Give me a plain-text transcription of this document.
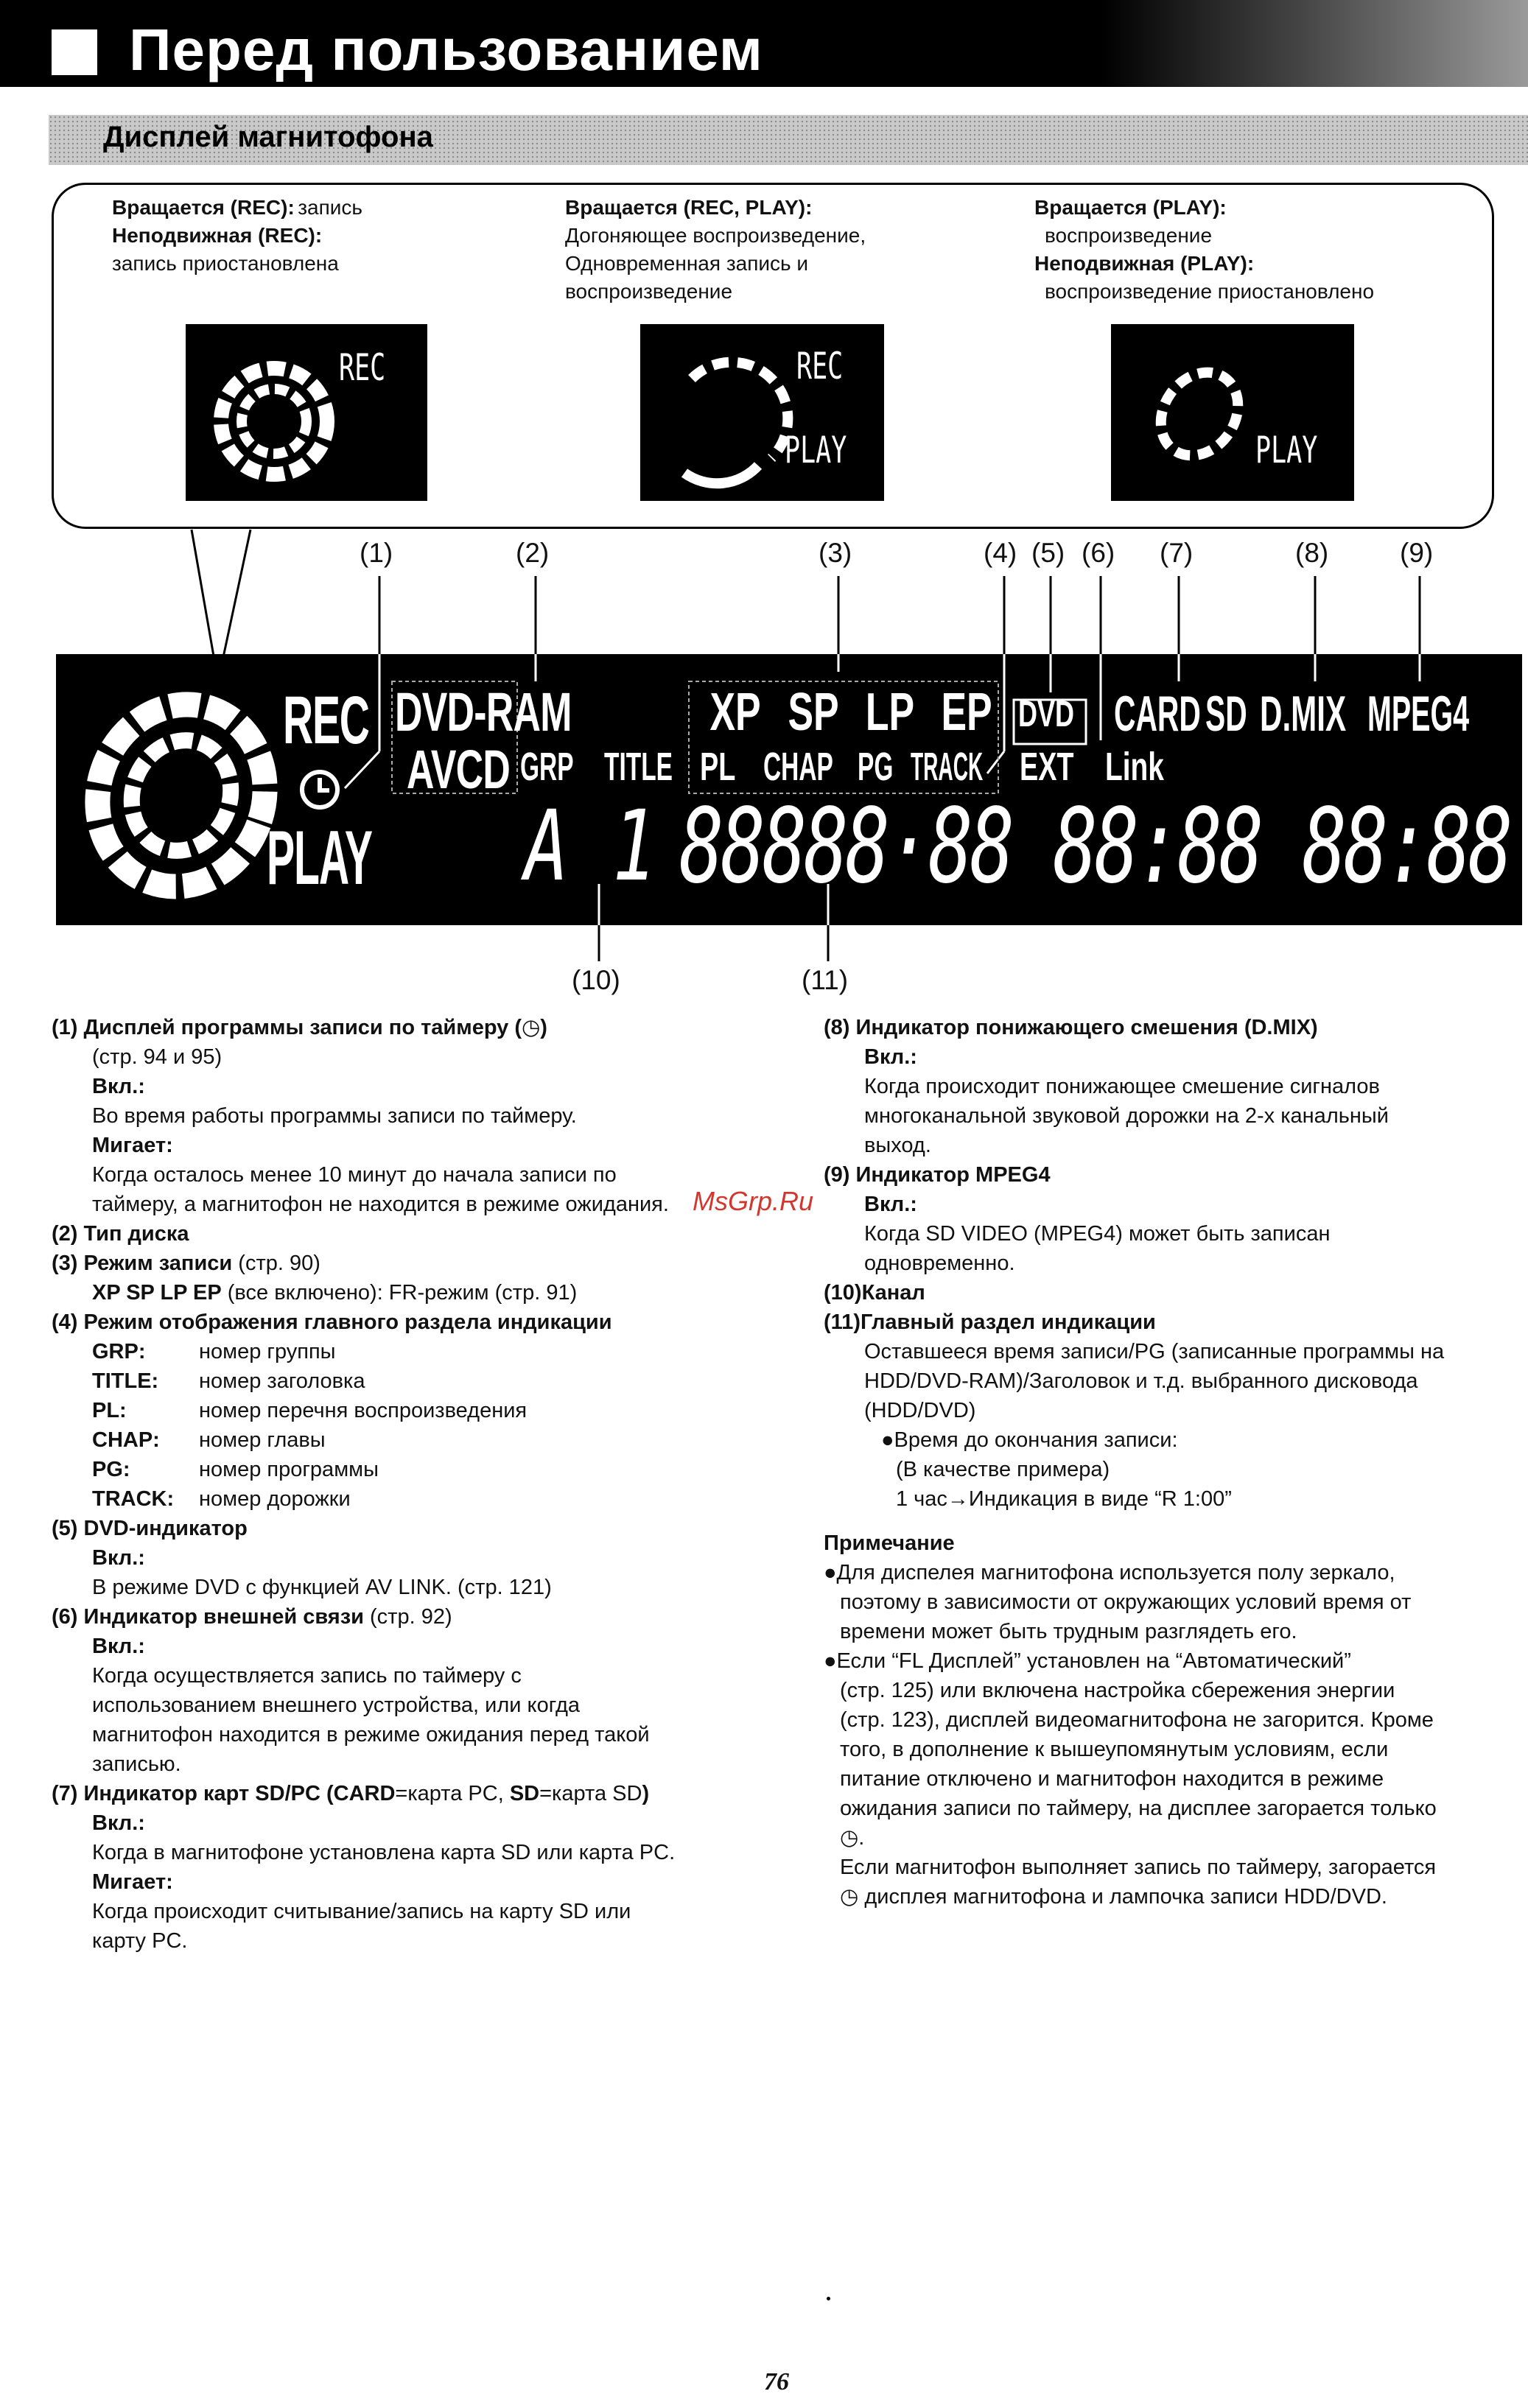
Перед пользованием
Дисплей магнитофона
Вращается (REC): запись
Неподвижная (REC):
запись приостановлена
Вращается (REC, PLAY):
Догоняющее воспроизведение,
Одновременная запись и
воспроизведение
Вращается (PLAY):
воспроизведение
Неподвижная (PLAY):
воспроизведение приостановлено
REC	REC
PLAY	PLAY
(1)	(2)	(3)	(4) (5) (6) (7)	(8)	(9)
REC
PLAY
DVD-RAM
AVCD
XP SP LP EP DVD CARD SD D.MIX MPEG4
GRP TITLE PL CHAP PG TRACK EXT Link
A 1 88888·88 88:88 88:88
(10)	(11)
(1) Дисплей программы записи по таймеру (◷)
(стр. 94 и 95)
Вкл.:
Во время работы программы записи по таймеру.
Мигает:
Когда осталось менее 10 минут до начала записи по
таймеру, а магнитофон не находится в режиме ожидания.
(2) Тип диска
(3) Режим записи (стр. 90)
XP SP LP EP (все включено): FR-режим (стр. 91)
(4) Режим отображения главного раздела индикации
GRP:	номер группы
TITLE: номер заголовка
PL:	номер перечня воспроизведения
CHAP: номер главы
PG:	номер программы
TRACK: номер дорожки
(5) DVD-индикатор
Вкл.:
В режиме DVD с функцией AV LINK. (стр. 121)
(6) Индикатор внешней связи (стр. 92)
Вкл.:
Когда осуществляется запись по таймеру с
использованием внешнего устройства, или когда
магнитофон находится в режиме ожидания перед такой
записью.
(7) Индикатор карт SD/PC (CARD=карта PC, SD=карта SD)
Вкл.:
Когда в магнитофоне установлена карта SD или карта PC.
Мигает:
Когда происходит считывание/запись на карту SD или
карту PC.
(8) Индикатор понижающего смешения (D.MIX)
Вкл.:
Когда происходит понижающее смешение сигналов
многоканальной звуковой дорожки на 2-х канальный
выход.
(9) Индикатор MPEG4
Вкл.:
Когда SD VIDEO (MPEG4) может быть записан
одновременно.
(10)Канал
(11)Главный раздел индикации
Оставшееся время записи/PG (записанные программы на
HDD/DVD-RAM)/Заголовок и т.д. выбранного дисковода
(HDD/DVD)
●Время до окончания записи:
(В качестве примера)
1 час→Индикация в виде “R 1:00”
Примечание
●Для диспелея магнитофона используется полу зеркало,
поэтому в зависимости от окружающих условий время от
времени может быть трудным разглядеть его.
●Если “FL Дисплей” установлен на “Автоматический”
(стр. 125) или включена настройка сбережения энергии
(стр. 123), дисплей видеомагнитофона не загорится. Кроме
того, в дополнение к вышеупомянутым условиям, если
питание отключено и магнитофон находится в режиме
ожидания записи по таймеру, на дисплее загорается только
◷.
Если магнитофон выполняет запись по таймеру, загорается
◷ дисплея магнитофона и лампочка записи HDD/DVD.
MsGrp.Ru
76
